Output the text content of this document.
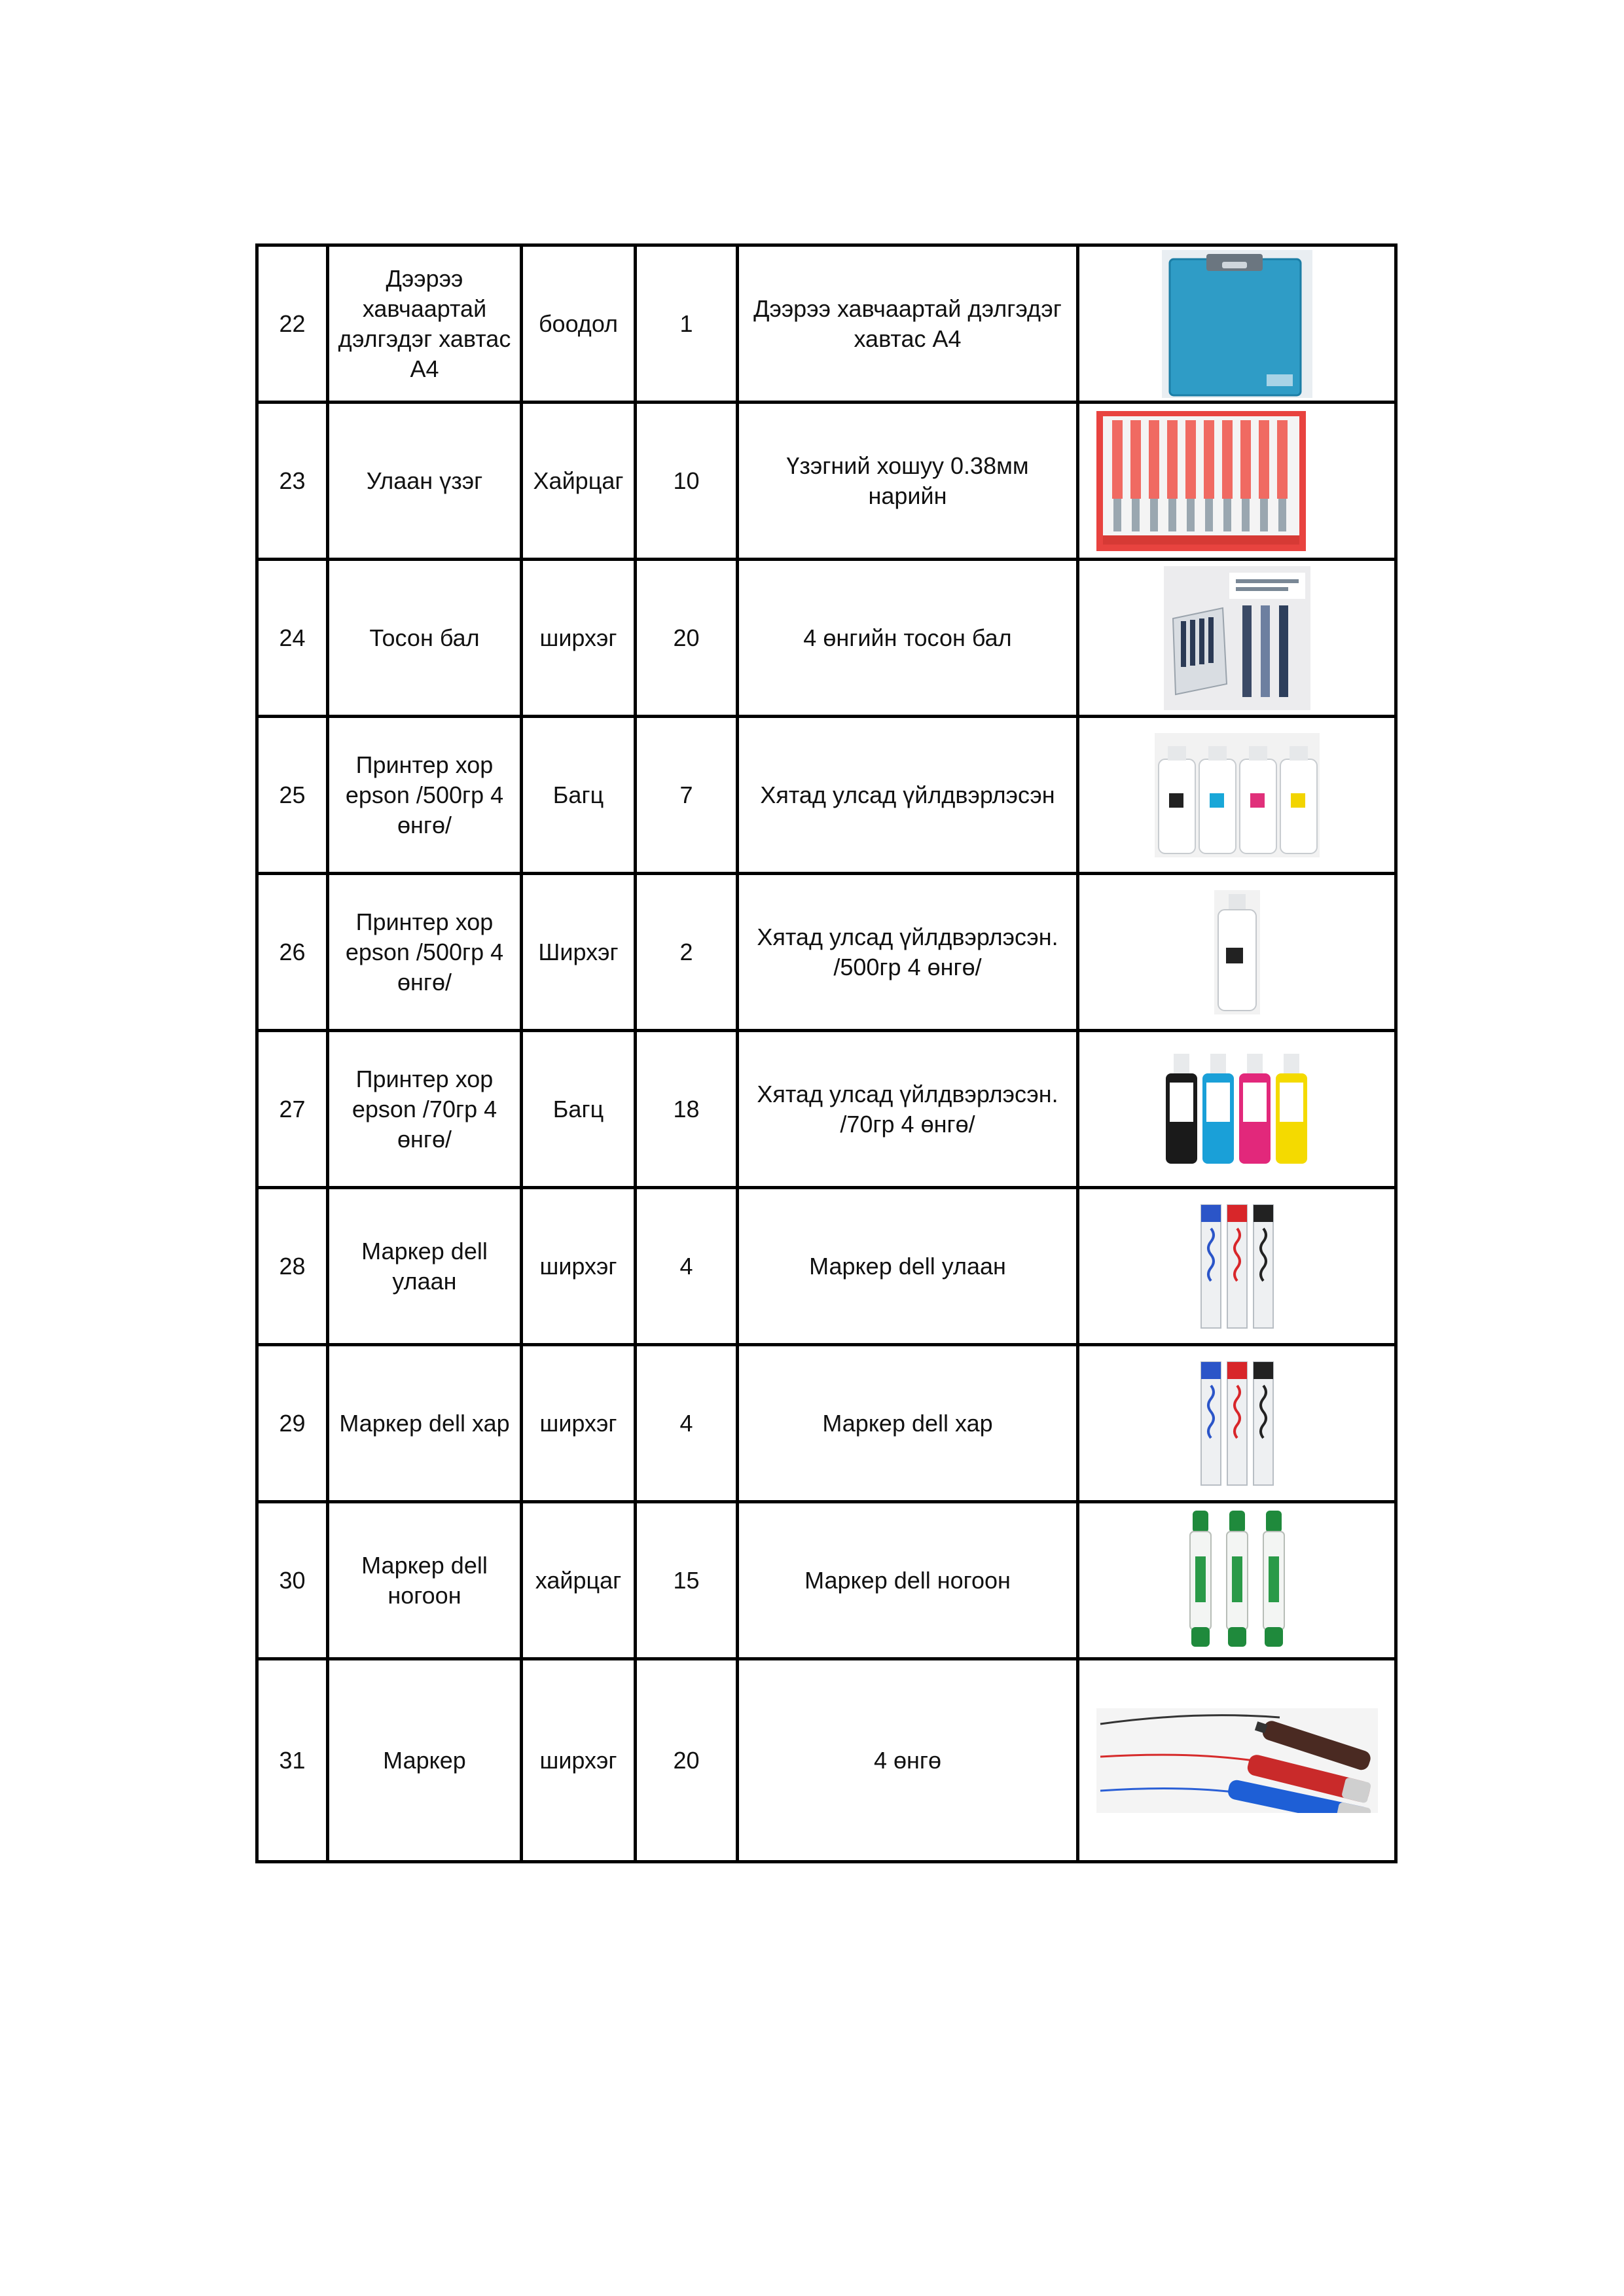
22	Дээрээ хавчаартай дэлгэдэг хавтас А4	боодол	1	Дээрээ хавчаартай дэлгэдэг хавтас А4	

23	Улаан үзэг	Хайрцаг	10	Үзэгний хошуу 0.38мм нарийн	

24	Тосон бал	ширхэг	20	4 өнгийн тосон бал	

25	Принтер хор epson /500гр 4 өнгө/	Багц	7	Хятад улсад үйлдвэрлэсэн	

26	Принтер хор epson /500гр 4 өнгө/	Ширхэг	2	Хятад улсад үйлдвэрлэсэн. /500гр 4 өнгө/	

27	Принтер хор epson /70гр 4 өнгө/	Багц	18	Хятад улсад үйлдвэрлэсэн. /70гр 4 өнгө/	

28	Маркер dell улаан	ширхэг	4	Маркер dell улаан	

29	Маркер dell хар	ширхэг	4	Маркер dell хар	

30	Маркер dell ногоон	хайрцаг	15	Маркер dell ногоон	

31	Маркер	ширхэг	20	4 өнгө	
